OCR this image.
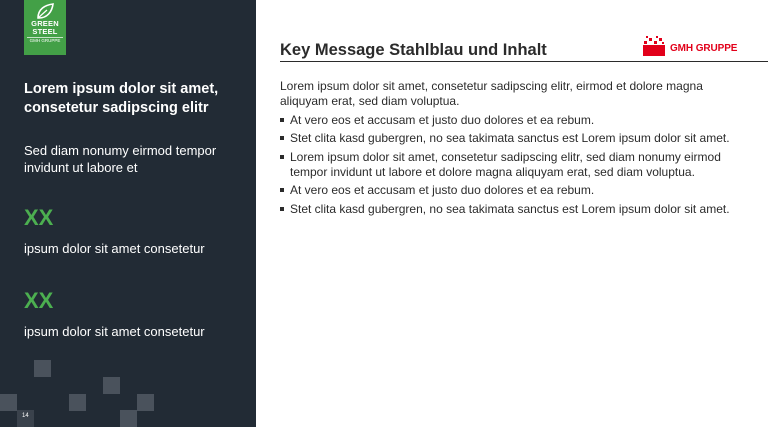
GREEN
STEEL
GMH GRUPPE
Lorem ipsum dolor sit amet, consetetur sadipscing elitr
Sed diam nonumy eirmod tempor invidunt ut labore et
XX
ipsum dolor sit amet consetetur
XX
ipsum dolor sit amet consetetur
14
Key Message Stahlblau und Inhalt	GMH GRUPPE

Lorem ipsum dolor sit amet, consetetur sadipscing elitr, eirmod et dolore magna aliquyam erat, sed diam voluptua.

At vero eos et accusam et justo duo dolores et ea rebum.
Stet clita kasd gubergren, no sea takimata sanctus est Lorem ipsum dolor sit amet.
Lorem ipsum dolor sit amet, consetetur sadipscing elitr, sed diam nonumy eirmod tempor invidunt ut labore et dolore magna aliquyam erat, sed diam voluptua.
At vero eos et accusam et justo duo dolores et ea rebum.
Stet clita kasd gubergren, no sea takimata sanctus est Lorem ipsum dolor sit amet.
